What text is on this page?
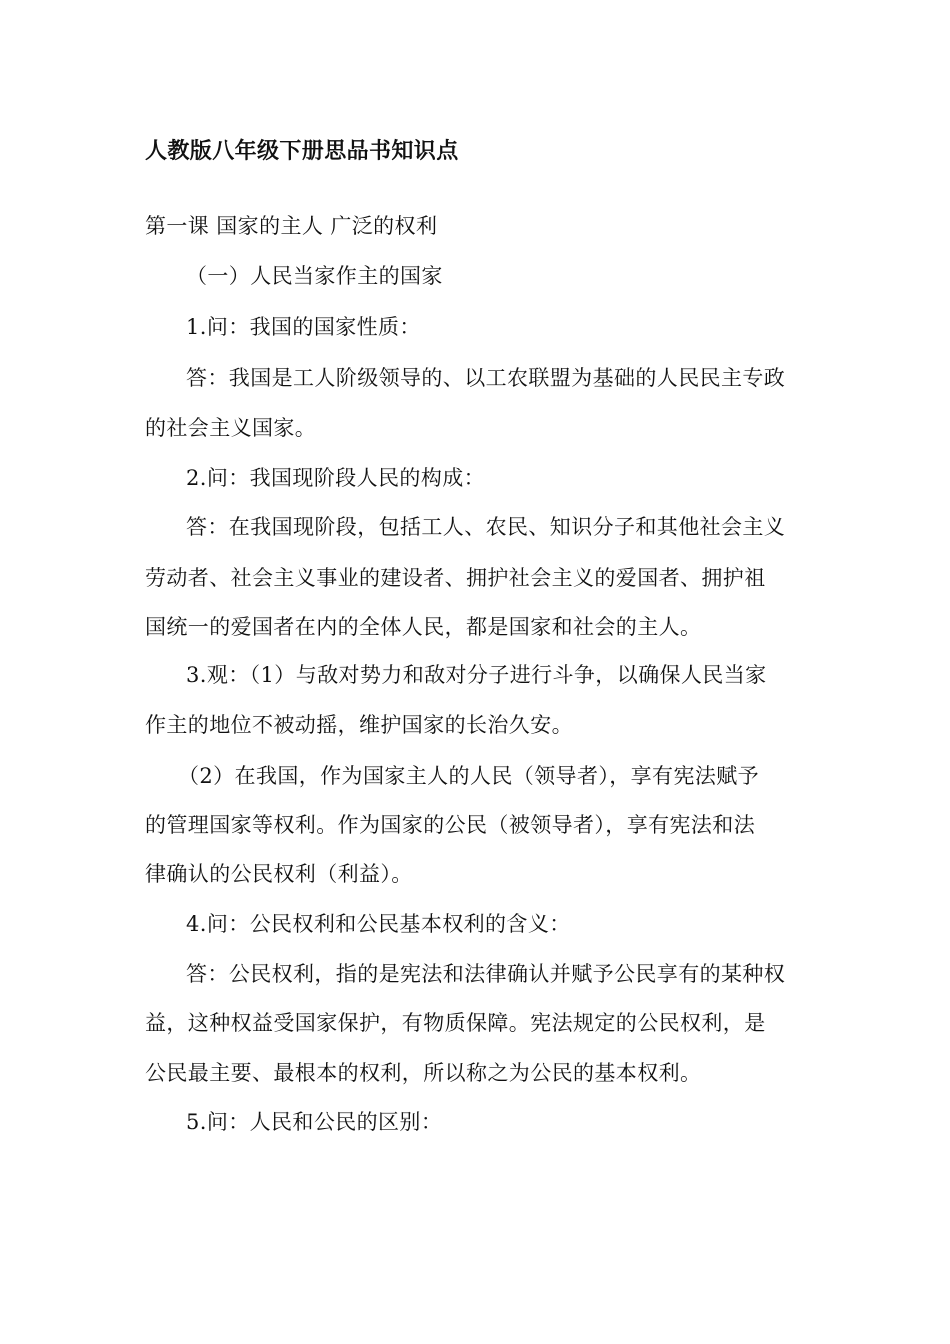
人教版八年级下册思品书知识点
第一课 国家的主人 广泛的权利
（一）人民当家作主的国家
1.问：我国的国家性质：
答：我国是工人阶级领导的、以工农联盟为基础的人民民主专政
的社会主义国家。
2.问：我国现阶段人民的构成：
答：在我国现阶段，包括工人、农民、知识分子和其他社会主义
劳动者、社会主义事业的建设者、拥护社会主义的爱国者、拥护祖
国统一的爱国者在内的全体人民，都是国家和社会的主人。
3.观：（1）与敌对势力和敌对分子进行斗争，以确保人民当家
作主的地位不被动摇，维护国家的长治久安。
（2）在我国，作为国家主人的人民（领导者），享有宪法赋予
的管理国家等权利。作为国家的公民（被领导者），享有宪法和法
律确认的公民权利（利益）。
4.问：公民权利和公民基本权利的含义：
答：公民权利，指的是宪法和法律确认并赋予公民享有的某种权
益，这种权益受国家保护，有物质保障。宪法规定的公民权利，是
公民最主要、最根本的权利，所以称之为公民的基本权利。
5.问：人民和公民的区别：
